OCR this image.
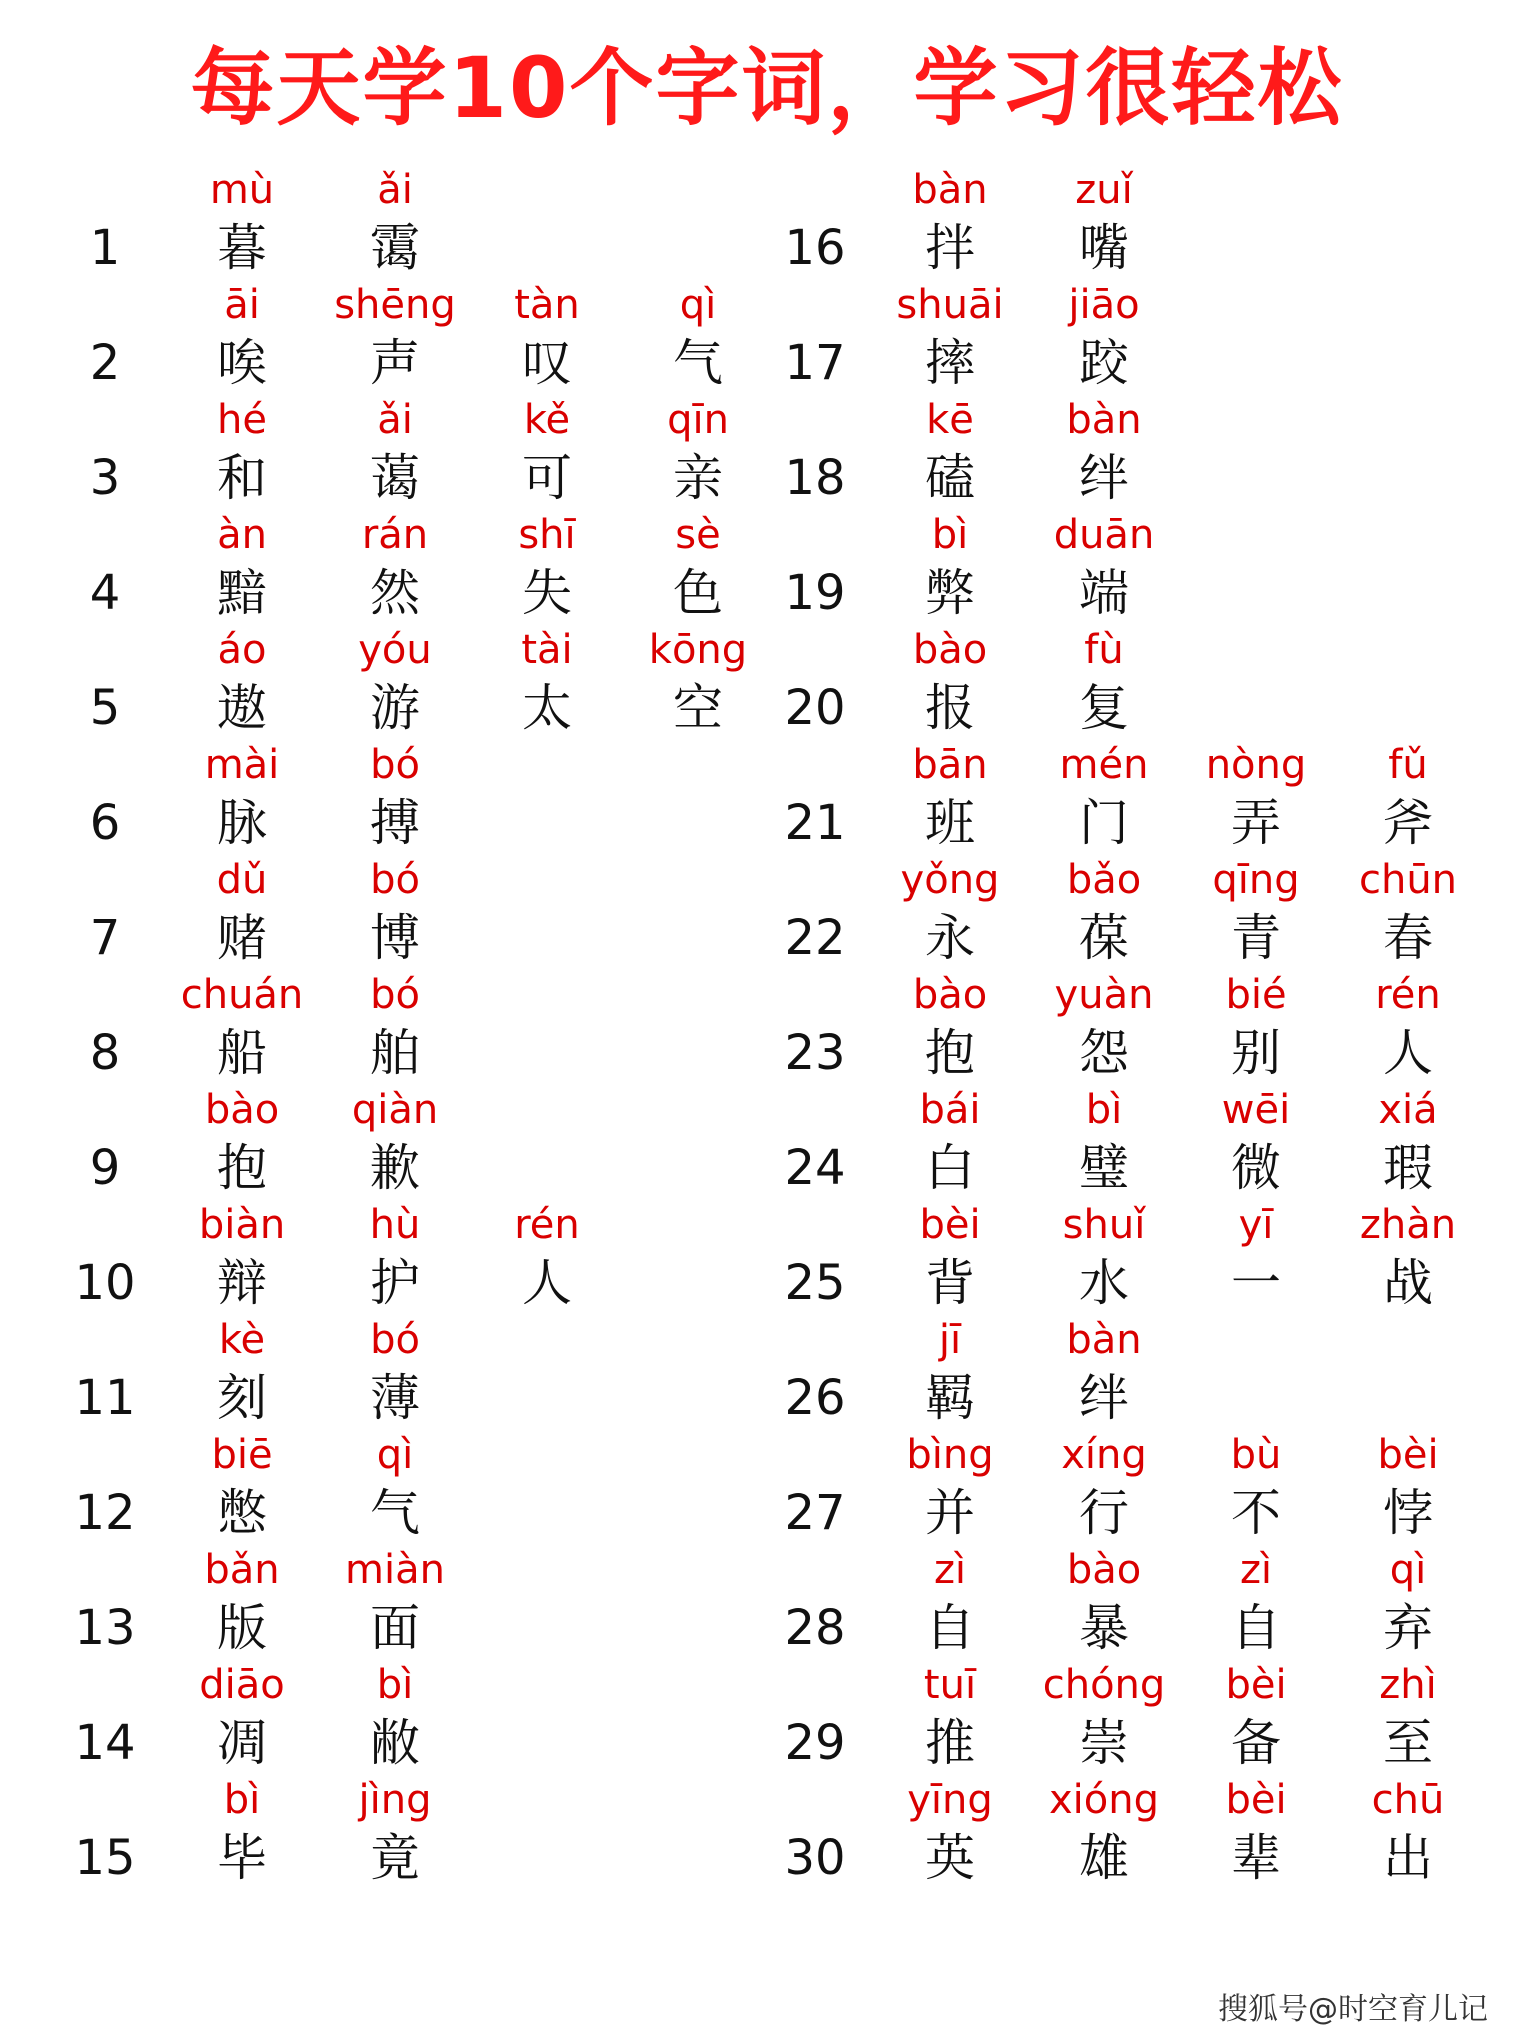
每天学10个字词，学习很轻松
1
mù
暮
ǎi
霭
2
āi
唉
shēng
声
tàn
叹
qì
气
3
hé
和
ǎi
蔼
kě
可
qīn
亲
4
àn
黯
rán
然
shī
失
sè
色
5
áo
遨
yóu
游
tài
太
kōng
空
6
mài
脉
bó
搏
7
dǔ
赌
bó
博
8
chuán
船
bó
舶
9
bào
抱
qiàn
歉
10
biàn
辩
hù
护
rén
人
11
kè
刻
bó
薄
12
biē
憋
qì
气
13
bǎn
版
miàn
面
14
diāo
凋
bì
敝
15
bì
毕
jìng
竟
16
bàn
拌
zuǐ
嘴
17
shuāi
摔
jiāo
跤
18
kē
磕
bàn
绊
19
bì
弊
duān
端
20
bào
报
fù
复
21
bān
班
mén
门
nòng
弄
fǔ
斧
22
yǒng
永
bǎo
葆
qīng
青
chūn
春
23
bào
抱
yuàn
怨
bié
别
rén
人
24
bái
白
bì
璧
wēi
微
xiá
瑕
25
bèi
背
shuǐ
水
yī
一
zhàn
战
26
jī
羁
bàn
绊
27
bìng
并
xíng
行
bù
不
bèi
悖
28
zì
自
bào
暴
zì
自
qì
弃
29
tuī
推
chóng
崇
bèi
备
zhì
至
30
yīng
英
xióng
雄
bèi
辈
chū
出
搜狐号@时空育儿记
